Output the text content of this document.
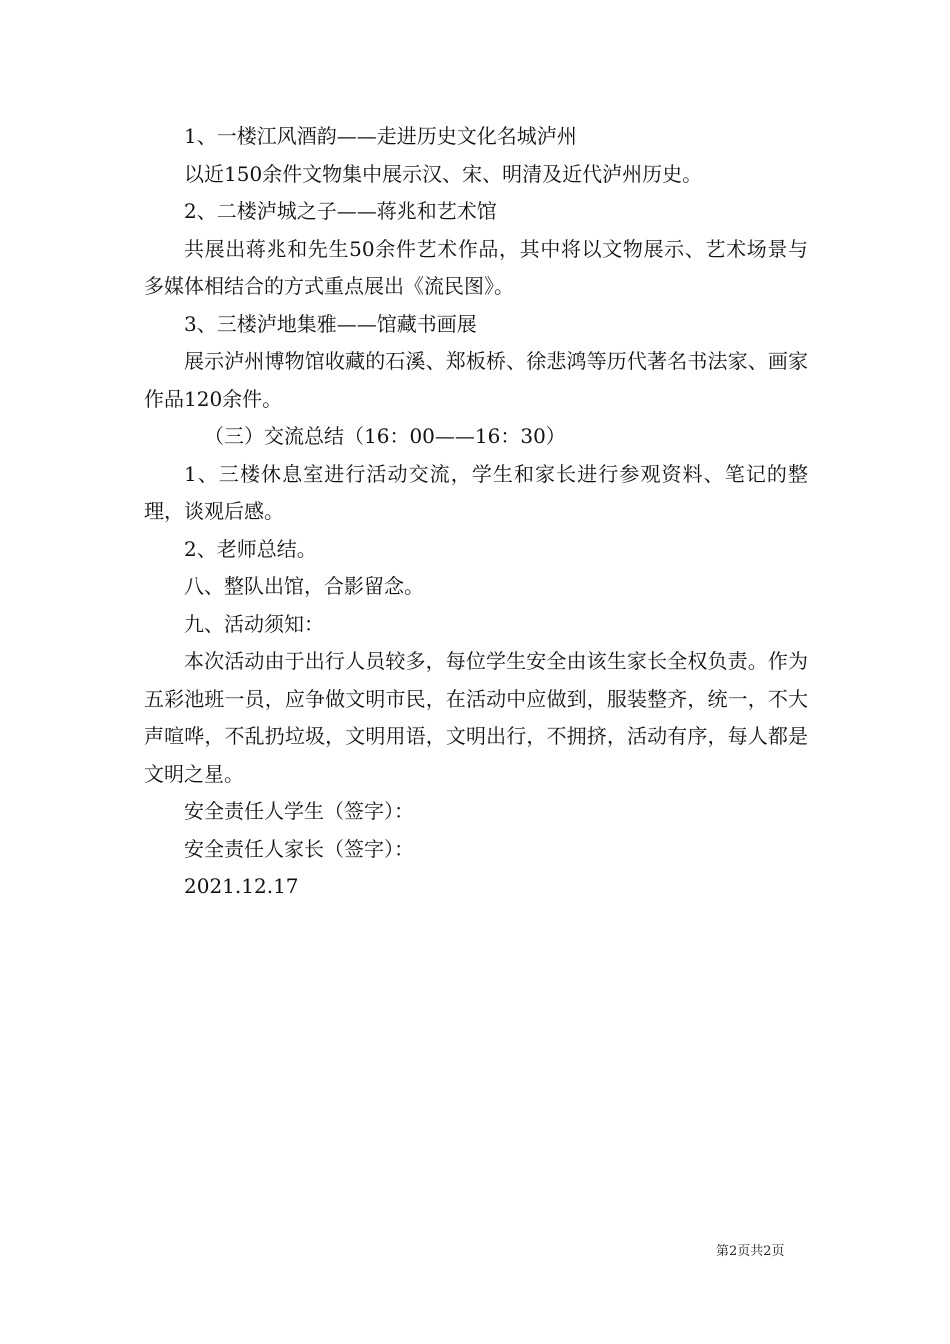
1、一楼江风酒韵——走进历史文化名城泸州

以近150余件文物集中展示汉、宋、明清及近代泸州历史。

2、二楼泸城之子——蒋兆和艺术馆

共展出蒋兆和先生50余件艺术作品，其中将以文物展示、艺术场景与多媒体相结合的方式重点展出《流民图》。

3、三楼泸地集雅——馆藏书画展

展示泸州博物馆收藏的石溪、郑板桥、徐悲鸿等历代著名书法家、画家作品120余件。

（三）交流总结（16：00——16：30）

1、三楼休息室进行活动交流，学生和家长进行参观资料、笔记的整理，谈观后感。

2、老师总结。

八、整队出馆，合影留念。

九、活动须知：

本次活动由于出行人员较多，每位学生安全由该生家长全权负责。作为五彩池班一员，应争做文明市民，在活动中应做到，服装整齐，统一，不大声喧哗，不乱扔垃圾，文明用语，文明出行，不拥挤，活动有序，每人都是文明之星。

安全责任人学生（签字）：

安全责任人家长（签字）：

2021.12.17

第2页共2页
